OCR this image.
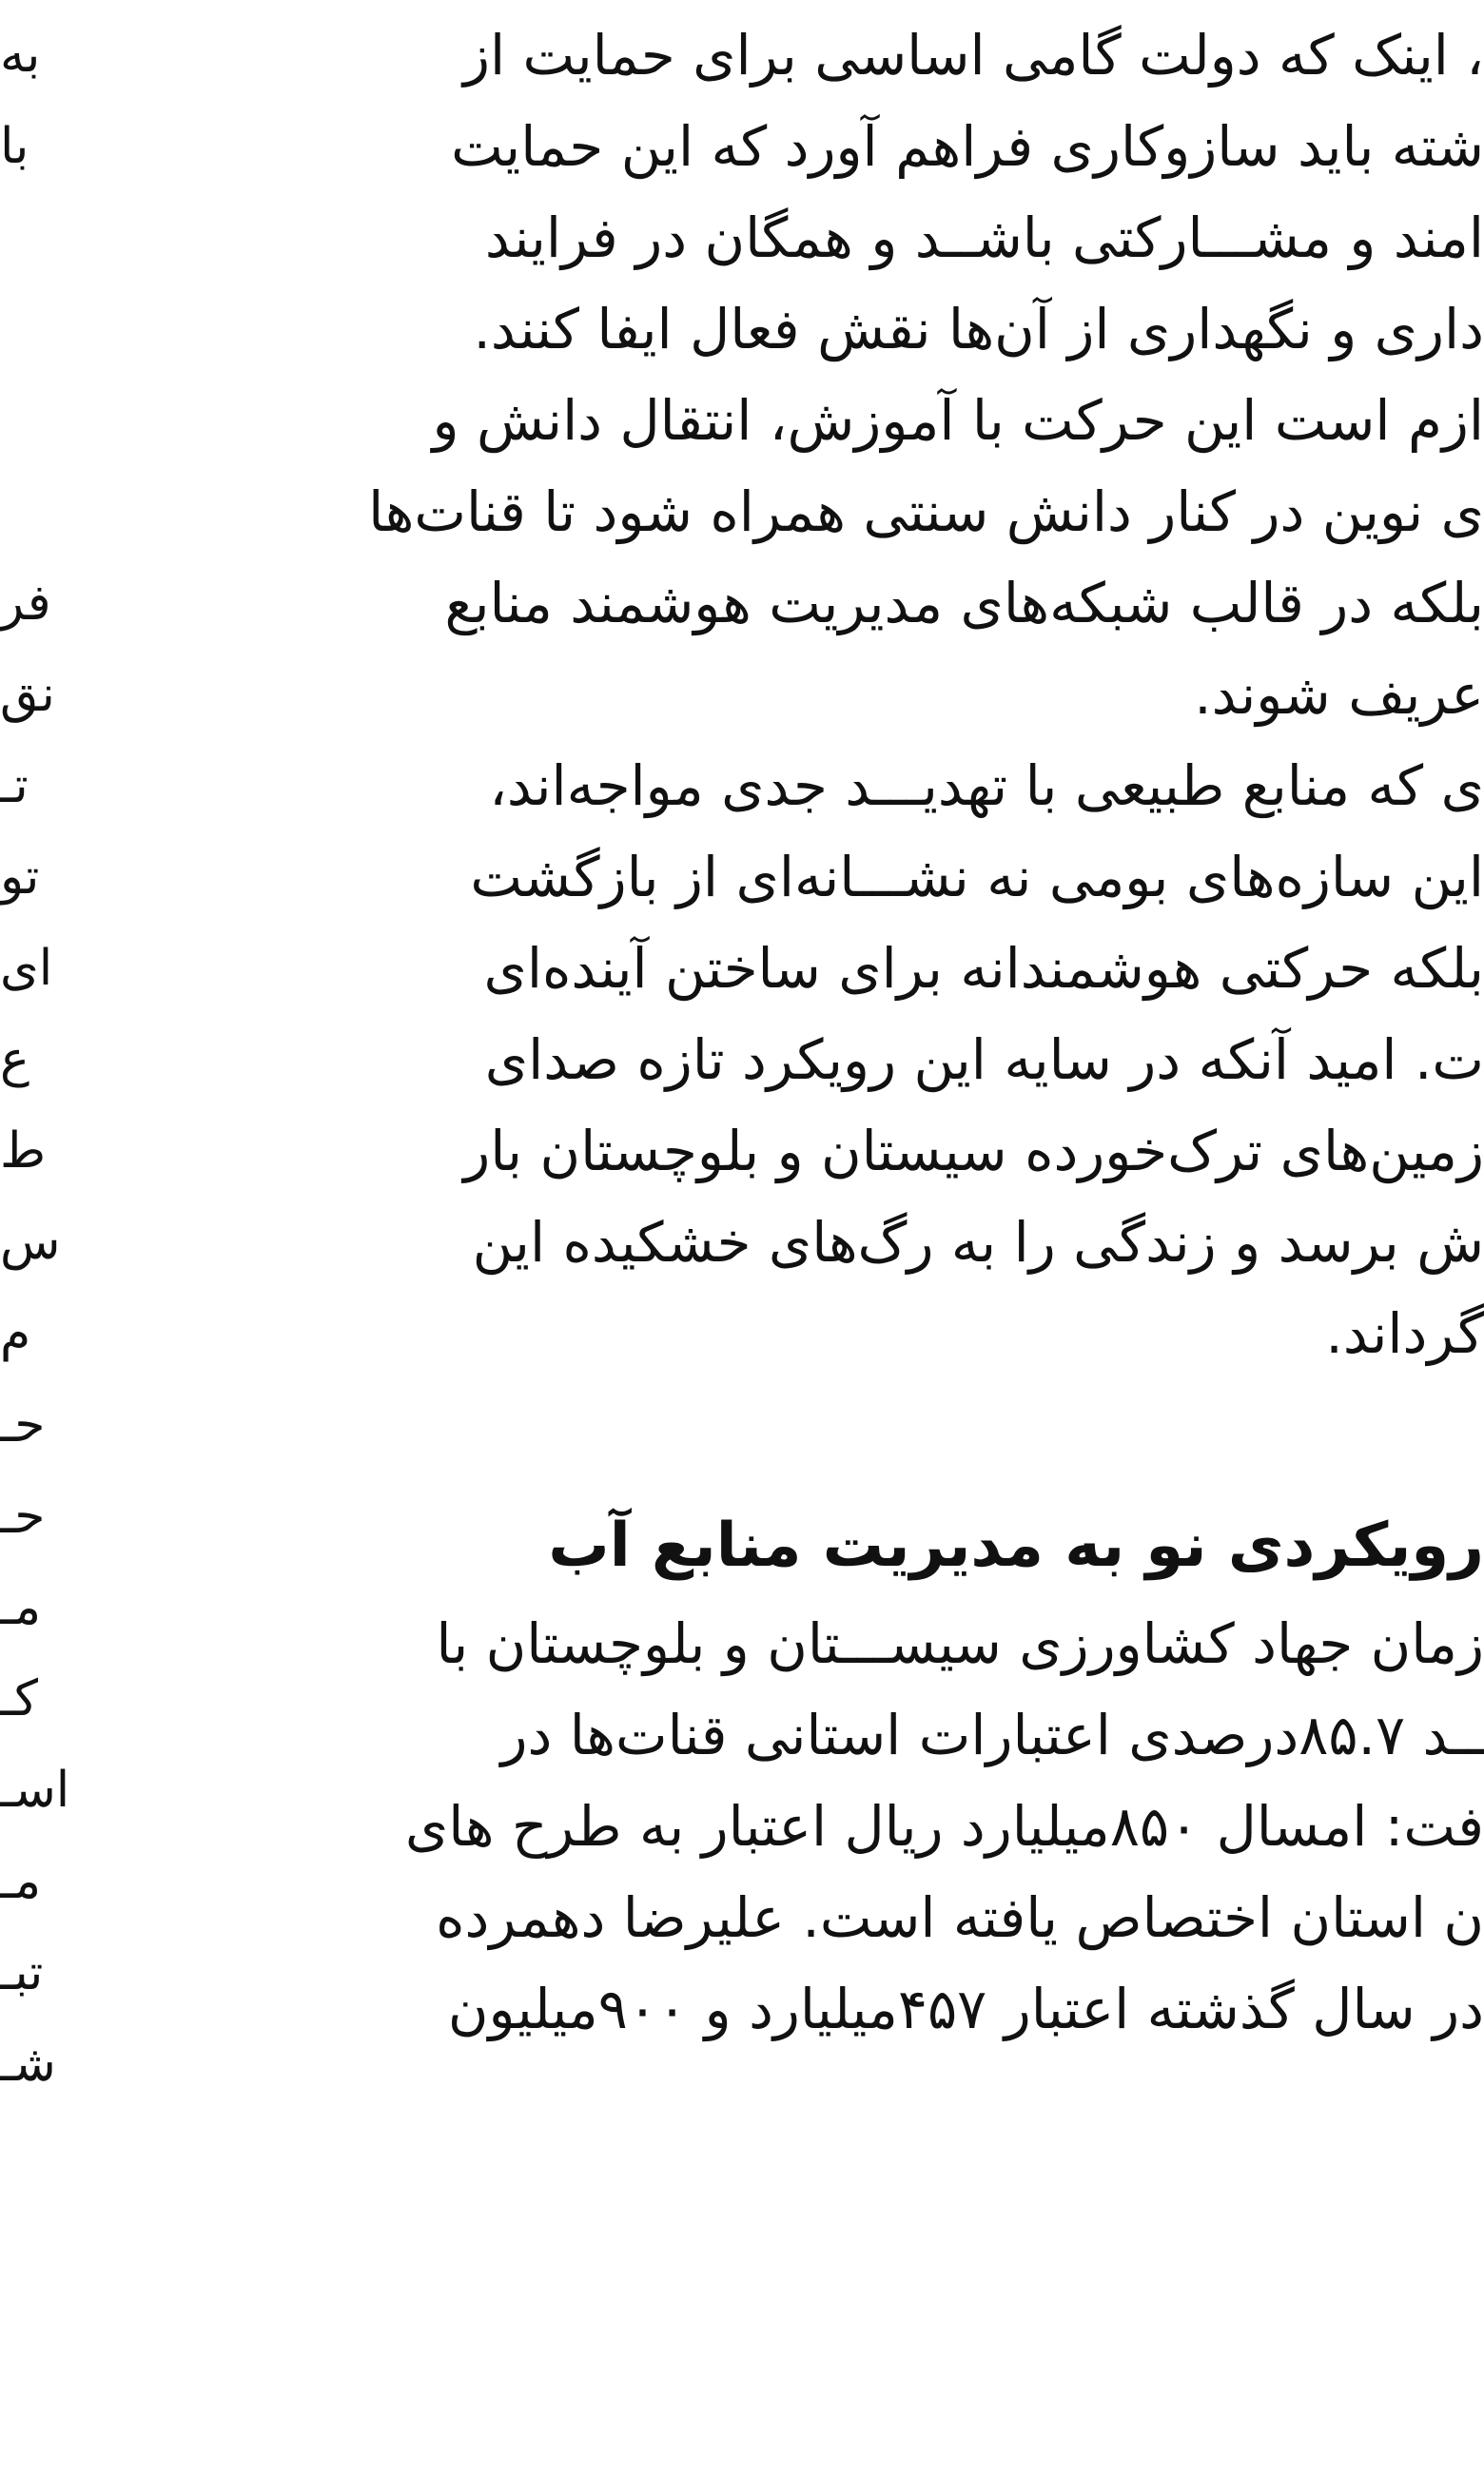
، اینک که دولت گامی اساسی برای حمایت از
شته باید سازوکاری فراهم آورد که این حمایت
امند و مشـــارکتی باشــد و همگان در فرایند
داری و نگهداری از آن‌ها نقش فعال ایفا کنند.
ازم است این حرکت با آموزش، انتقال دانش و
ی نوین در کنار دانش سنتی همراه شود تا قنات‌ها
بلکه در قالب شبکه‌های مدیریت هوشمند منابع
عریف شوند.
ی که منابع طبیعی با تهدیـــد جدی مواجه‌اند،
این سازه‌های بومی نه نشـــانه‌ای از بازگشت
بلکه حرکتی هوشمندانه برای ساختن آینده‌ای
ت. امید آنکه در سایه این رویکرد تازه صدای
زمین‌های ترک‌خورده سیستان و بلوچستان بار
ش برسد و زندگی را به رگ‌های خشکیده این
گرداند.
رویکردی نو به مدیریت منابع آب
زمان جهاد کشاورزی سیســـتان و بلوچستان با
ــد ۸۵.۷درصدی اعتبارات استانی قنات‌ها در
فت: امسال ۸۵۰میلیارد ریال اعتبار به طرح های
ن استان اختصاص یافته است. علیرضا دهمرده
در سال گذشته اعتبار ۴۵۷میلیارد و ۹۰۰میلیون
به
با
فر
نق
تـ
تو
ای
ع
ط
س
م
حـ
حـ
مـ
کـ
اسـ
مـ
تبـ
شـ
